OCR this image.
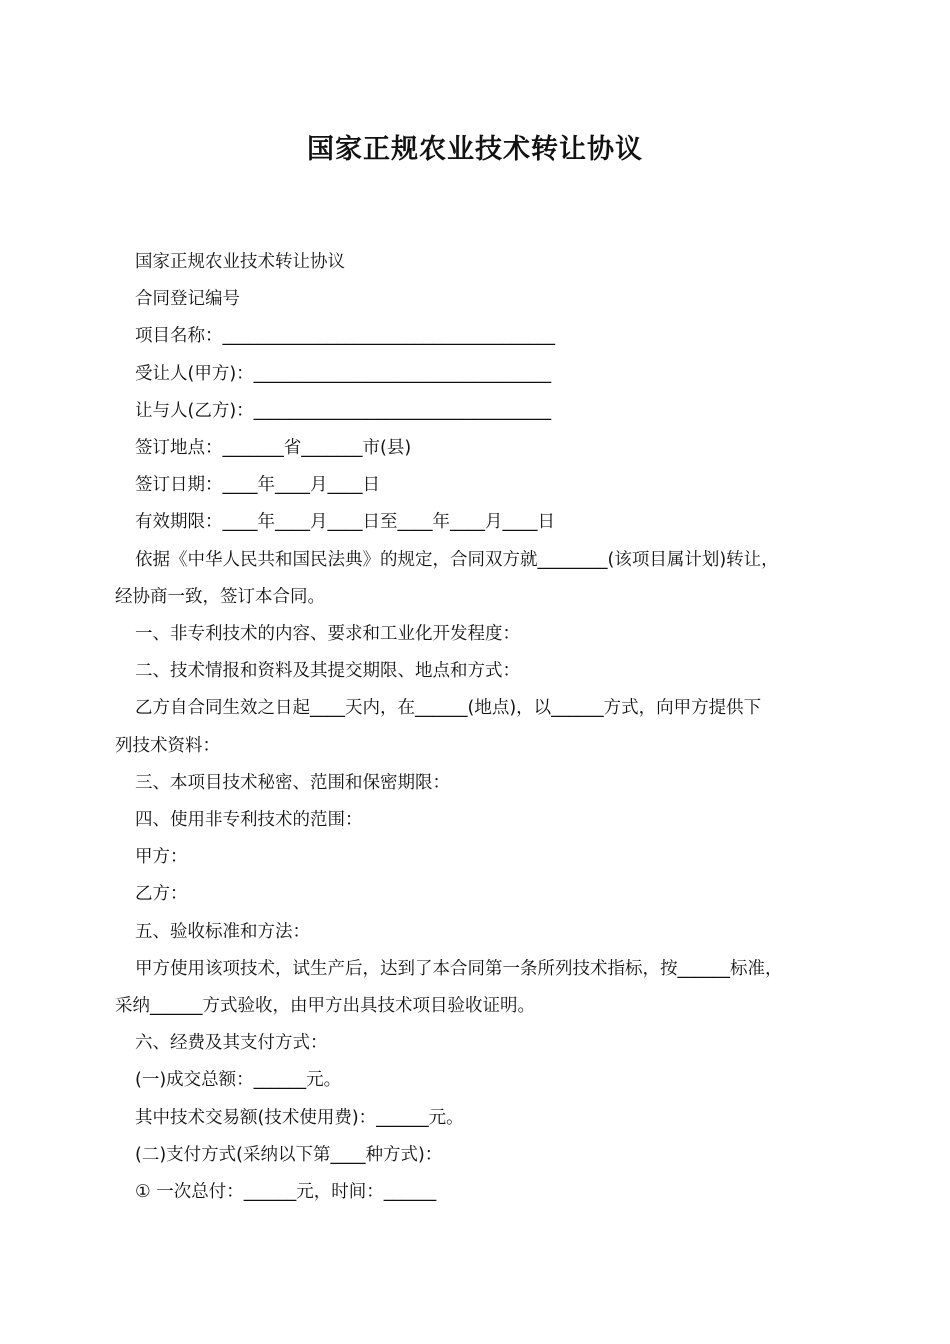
国家正规农业技术转让协议

国家正规农业技术转让协议

合同登记编号

项目名称：______________________________________

受让人(甲方)：__________________________________

让与人(乙方)：__________________________________

签订地点：_______省_______市(县)

签订日期：____年____月____日

有效期限：____年____月____日至____年____月____日

依据《中华人民共和国民法典》的规定，合同双方就________(该项目属计划)转让，

经协商一致，签订本合同。

一、非专利技术的内容、要求和工业化开发程度：

二、技术情报和资料及其提交期限、地点和方式：

乙方自合同生效之日起____天内，在______(地点)，以______方式，向甲方提供下

列技术资料：

三、本项目技术秘密、范围和保密期限：

四、使用非专利技术的范围：

甲方：

乙方：

五、验收标准和方法：

甲方使用该项技术，试生产后，达到了本合同第一条所列技术指标，按______标准，

采纳______方式验收，由甲方出具技术项目验收证明。

六、经费及其支付方式：

(一)成交总额：______元。

其中技术交易额(技术使用费)：______元。

(二)支付方式(采纳以下第____种方式)：

① 一次总付：______元，时间：______
